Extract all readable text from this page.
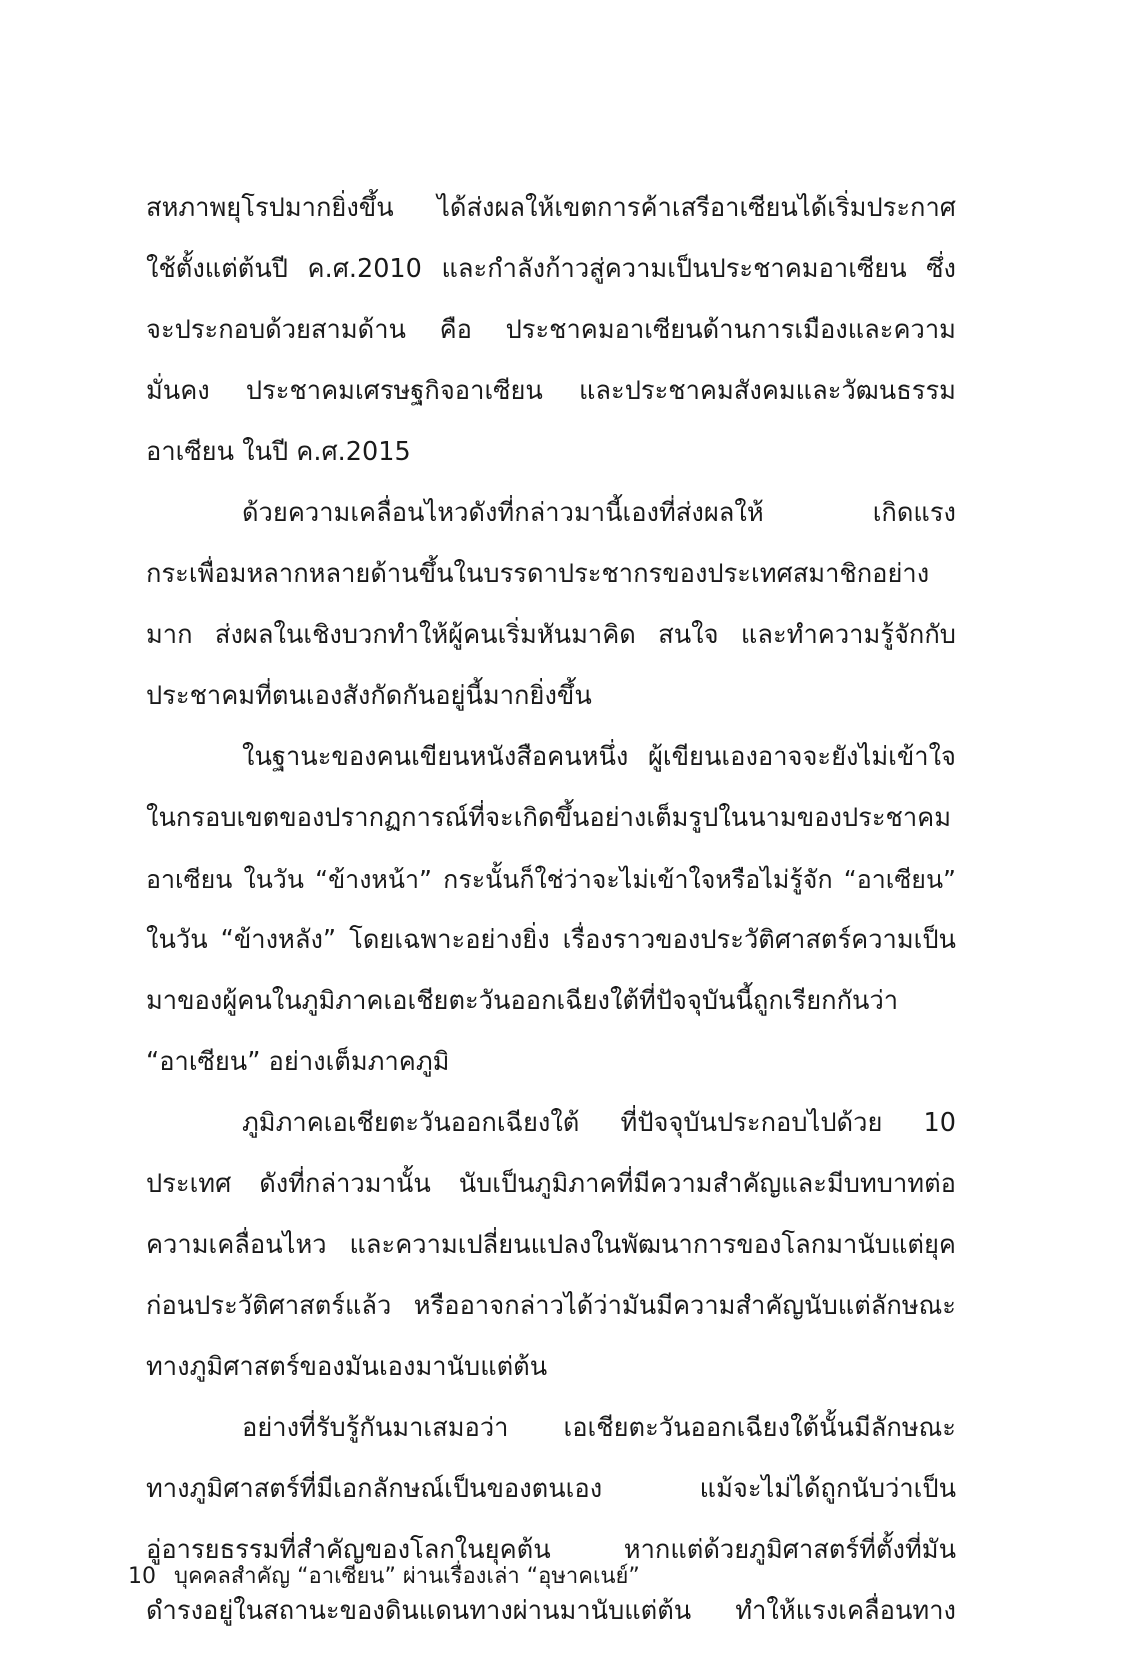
สหภาพยุโรปมากยิ่งขึ้น ได้ส่งผลให้เขตการค้าเสรีอาเซียนได้เริ่มประกาศ
ใช้ตั้งแต่ต้นปี ค.ศ.2010 และกำลังก้าวสู่ความเป็นประชาคมอาเซียน ซึ่ง
จะประกอบด้วยสามด้าน คือ ประชาคมอาเซียนด้านการเมืองและความ
มั่นคง ประชาคมเศรษฐกิจอาเซียน และประชาคมสังคมและวัฒนธรรม
อาเซียน ในปี ค.ศ.2015

ด้วยความเคลื่อนไหวดังที่กล่าวมานี้เองที่ส่งผลให้ เกิดแรง
กระเพื่อมหลากหลายด้านขึ้นในบรรดาประชากรของประเทศสมาชิกอย่าง
มาก ส่งผลในเชิงบวกทำให้ผู้คนเริ่มหันมาคิด สนใจ และทำความรู้จักกับ
ประชาคมที่ตนเองสังกัดกันอยู่นี้มากยิ่งขึ้น

ในฐานะของคนเขียนหนังสือคนหนึ่ง ผู้เขียนเองอาจจะยังไม่เข้าใจ
ในกรอบเขตของปรากฏการณ์ที่จะเกิดขึ้นอย่างเต็มรูปในนามของประชาคม
อาเซียน ในวัน “ข้างหน้า” กระนั้นก็ใช่ว่าจะไม่เข้าใจหรือไม่รู้จัก “อาเซียน”
ในวัน “ข้างหลัง” โดยเฉพาะอย่างยิ่ง เรื่องราวของประวัติศาสตร์ความเป็น
มาของผู้คนในภูมิภาคเอเชียตะวันออกเฉียงใต้ที่ปัจจุบันนี้ถูกเรียกกันว่า
“อาเซียน” อย่างเต็มภาคภูมิ

ภูมิภาคเอเชียตะวันออกเฉียงใต้ ที่ปัจจุบันประกอบไปด้วย 10
ประเทศ ดังที่กล่าวมานั้น นับเป็นภูมิภาคที่มีความสำคัญและมีบทบาทต่อ
ความเคลื่อนไหว และความเปลี่ยนแปลงในพัฒนาการของโลกมานับแต่ยุค
ก่อนประวัติศาสตร์แล้ว หรืออาจกล่าวได้ว่ามันมีความสำคัญนับแต่ลักษณะ
ทางภูมิศาสตร์ของมันเองมานับแต่ต้น

อย่างที่รับรู้กันมาเสมอว่า เอเชียตะวันออกเฉียงใต้นั้นมีลักษณะ
ทางภูมิศาสตร์ที่มีเอกลักษณ์เป็นของตนเอง แม้จะไม่ได้ถูกนับว่าเป็น
อู่อารยธรรมที่สำคัญของโลกในยุคต้น หากแต่ด้วยภูมิศาสตร์ที่ตั้งที่มัน
ดำรงอยู่ในสถานะของดินแดนทางผ่านมานับแต่ต้น ทำให้แรงเคลื่อนทาง

10 บุคคลสำคัญ “อาเซียน” ผ่านเรื่องเล่า “อุษาคเนย์”
